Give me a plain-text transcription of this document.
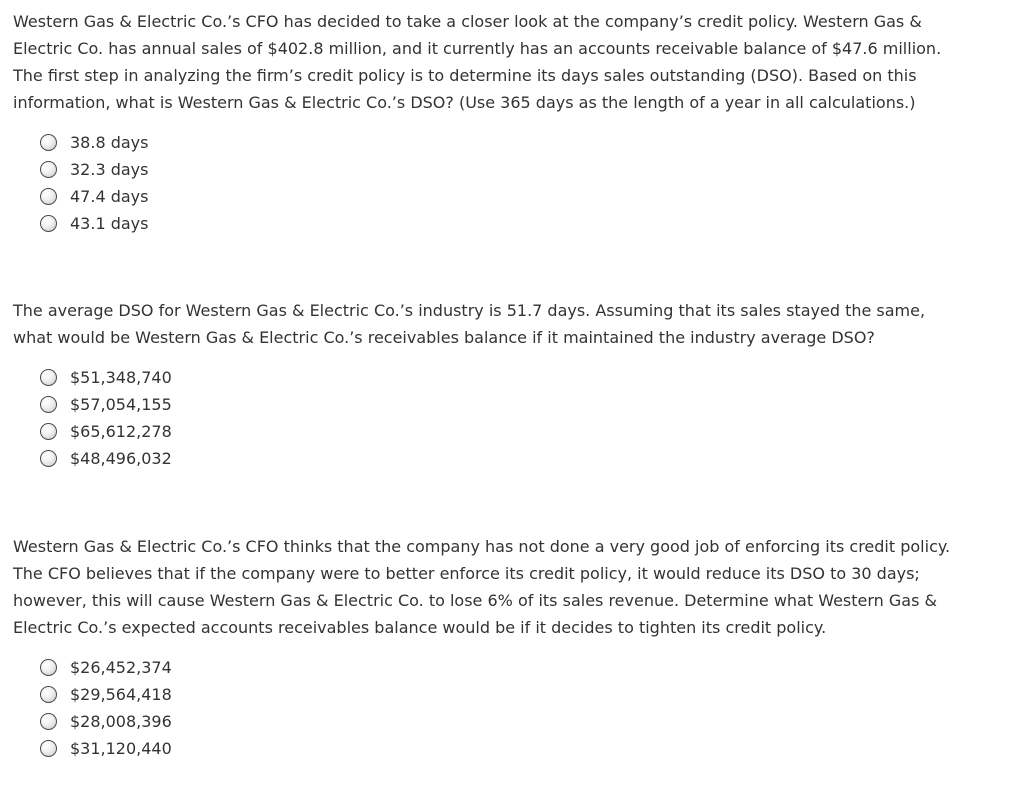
Western Gas & Electric Co.’s CFO has decided to take a closer look at the company’s credit policy. Western Gas &
Electric Co. has annual sales of $402.8 million, and it currently has an accounts receivable balance of $47.6 million.
The first step in analyzing the firm’s credit policy is to determine its days sales outstanding (DSO). Based on this
information, what is Western Gas & Electric Co.’s DSO? (Use 365 days as the length of a year in all calculations.)

38.8 days
32.3 days
47.4 days
43.1 days

The average DSO for Western Gas & Electric Co.’s industry is 51.7 days. Assuming that its sales stayed the same,
what would be Western Gas & Electric Co.’s receivables balance if it maintained the industry average DSO?

$51,348,740
$57,054,155
$65,612,278
$48,496,032

Western Gas & Electric Co.’s CFO thinks that the company has not done a very good job of enforcing its credit policy.
The CFO believes that if the company were to better enforce its credit policy, it would reduce its DSO to 30 days;
however, this will cause Western Gas & Electric Co. to lose 6% of its sales revenue. Determine what Western Gas &
Electric Co.’s expected accounts receivables balance would be if it decides to tighten its credit policy.

$26,452,374
$29,564,418
$28,008,396
$31,120,440
